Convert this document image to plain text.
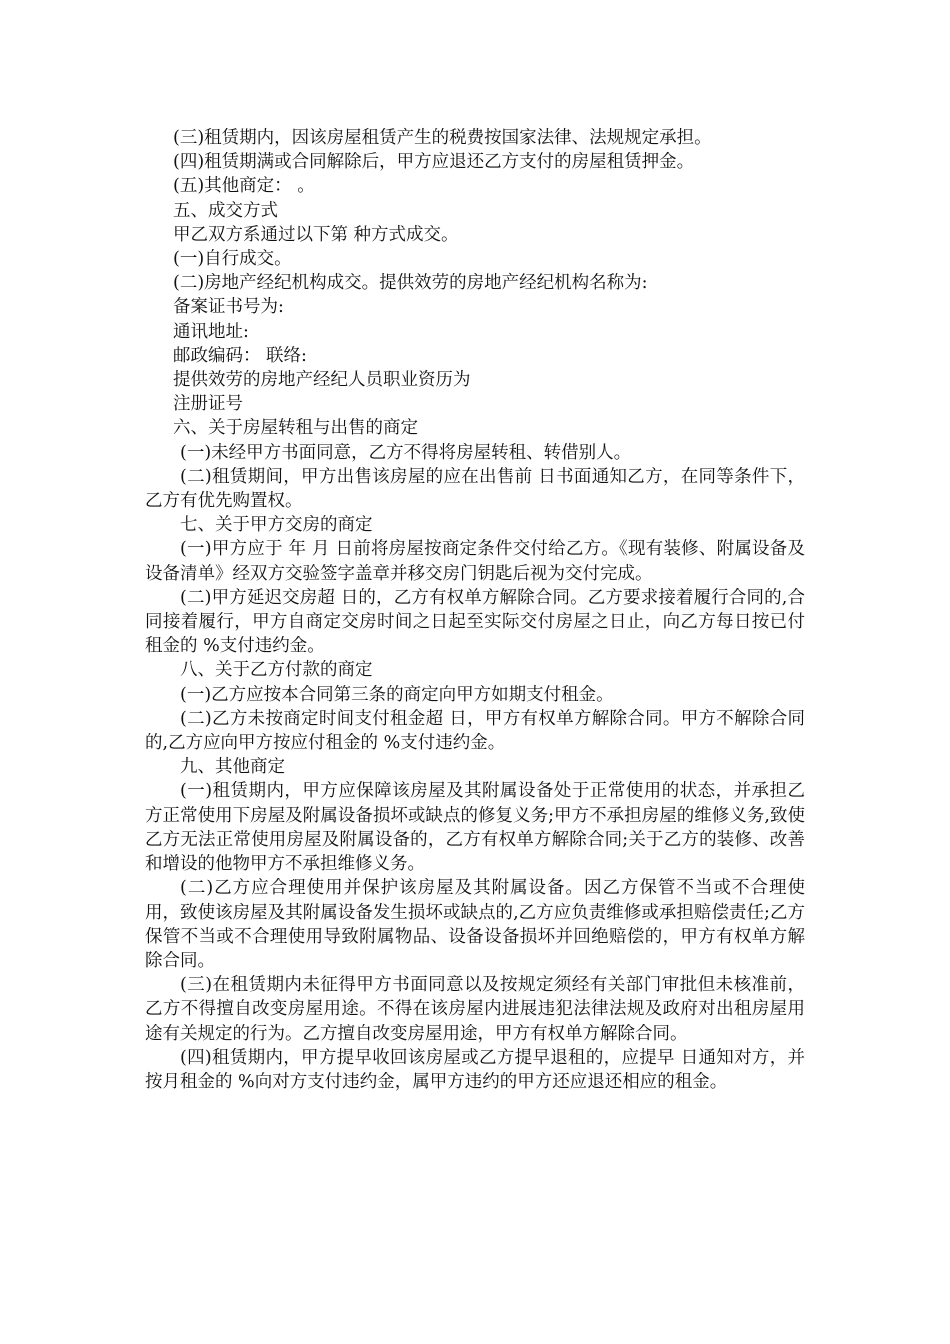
(三)租赁期内，因该房屋租赁产生的税费按国家法律、法规规定承担。

(四)租赁期满或合同解除后，甲方应退还乙方支付的房屋租赁押金。

(五)其他商定： 。

五、成交方式

甲乙双方系通过以下第 种方式成交。

(一)自行成交。

(二)房地产经纪机构成交。提供效劳的房地产经纪机构名称为:

备案证书号为:

通讯地址:

邮政编码： 联络:

提供效劳的房地产经纪人员职业资历为

注册证号

六、关于房屋转租与出售的商定

(一)未经甲方书面同意，乙方不得将房屋转租、转借别人。

(二)租赁期间，甲方出售该房屋的应在出售前 日书面通知乙方，在同等条件下，乙方有优先购置权。

七、关于甲方交房的商定

(一)甲方应于 年 月 日前将房屋按商定条件交付给乙方。《现有装修、附属设备及设备清单》经双方交验签字盖章并移交房门钥匙后视为交付完成。

(二)甲方延迟交房超 日的，乙方有权单方解除合同。乙方要求接着履行合同的,合同接着履行，甲方自商定交房时间之日起至实际交付房屋之日止，向乙方每日按已付租金的 %支付违约金。

八、关于乙方付款的商定

(一)乙方应按本合同第三条的商定向甲方如期支付租金。

(二)乙方未按商定时间支付租金超 日，甲方有权单方解除合同。甲方不解除合同的,乙方应向甲方按应付租金的 %支付违约金。

九、其他商定

(一)租赁期内，甲方应保障该房屋及其附属设备处于正常使用的状态，并承担乙方正常使用下房屋及附属设备损坏或缺点的修复义务;甲方不承担房屋的维修义务,致使乙方无法正常使用房屋及附属设备的，乙方有权单方解除合同;关于乙方的装修、改善和增设的他物甲方不承担维修义务。

(二)乙方应合理使用并保护该房屋及其附属设备。因乙方保管不当或不合理使用，致使该房屋及其附属设备发生损坏或缺点的,乙方应负责维修或承担赔偿责任;乙方保管不当或不合理使用导致附属物品、设备设备损坏并回绝赔偿的，甲方有权单方解除合同。

(三)在租赁期内未征得甲方书面同意以及按规定须经有关部门审批但未核准前，乙方不得擅自改变房屋用途。不得在该房屋内进展违犯法律法规及政府对出租房屋用途有关规定的行为。乙方擅自改变房屋用途，甲方有权单方解除合同。

(四)租赁期内，甲方提早收回该房屋或乙方提早退租的，应提早 日通知对方，并按月租金的 %向对方支付违约金，属甲方违约的甲方还应退还相应的租金。
